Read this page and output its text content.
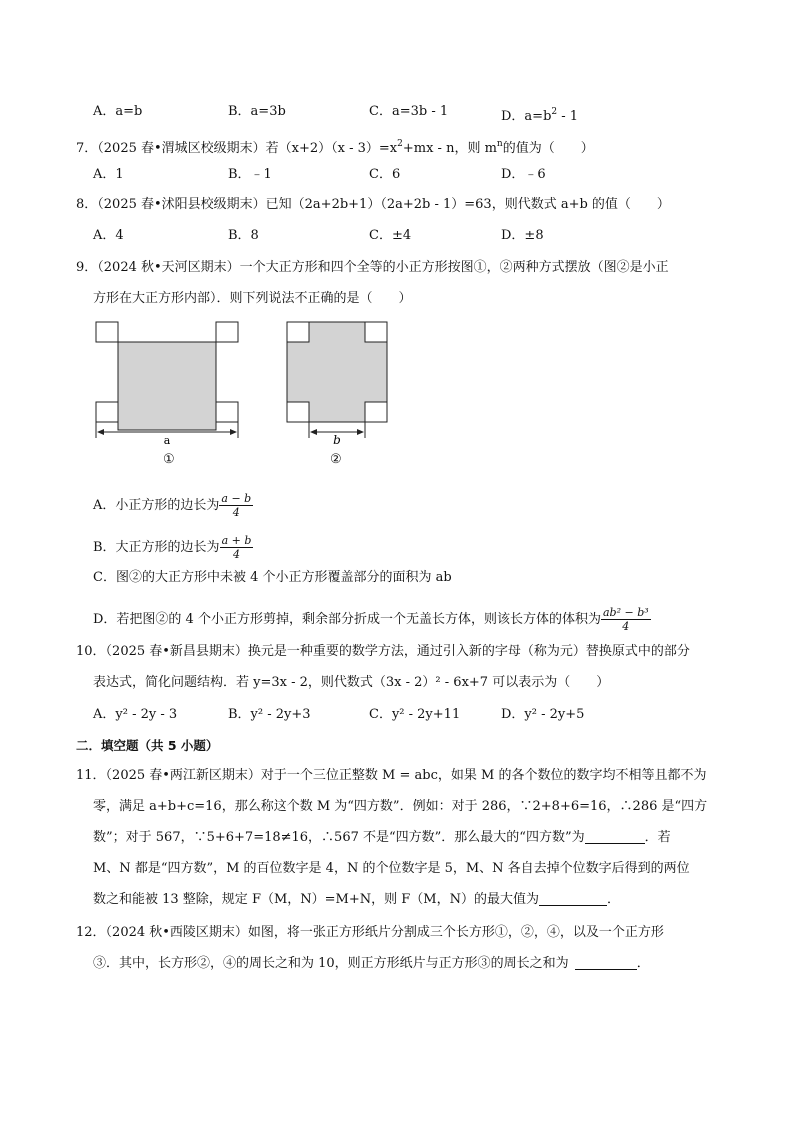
A．a=b	B．a=3b	C．a=3b - 1	D．$a=b^2 - 1$
7．（2025 春•渭城区校级期末）若$(x+2)(x - 3)=x^2+mx - n$，则 $m^n$的值为（　　）
A．1	B．﹣1	C．6	D．﹣6
8．（2025 春•沭阳县校级期末）已知（2a+2b+1）（2a+2b - 1）=63，则代数式 a+b 的值（　　）
A．4	B．8	C．±4	D．±8
9．（2024 秋•天河区期末）一个大正方形和四个全等的小正方形按图①，②两种方式摆放（图②是小正
方形在大正方形内部）．则下列说法不正确的是（　　）
a
①
b
②
A．小正方形的边长为 $\frac{a - b}{4}$
B．大正方形的边长为 $\frac{a + b}{4}$
C．图②的大正方形中未被 4 个小正方形覆盖部分的面积为 ab
D．若把图②的 4 个小正方形剪掉，剩余部分折成一个无盖长方体，则该长方体的体积为 $\frac{\text{ab² − b³}}{4}$
10．（2025 春•新昌县期末）换元是一种重要的数学方法，通过引入新的字母（称为元）替换原式中的部分
表达式，简化问题结构．若 y=3x - 2，则代数式（3x - 2）² - 6x+7 可以表示为（　　）
A．y² - 2y - 3	B．y² - 2y+3	C．y² - 2y+11	D．y² - 2y+5
二．填空题（共 5 小题）
11．（2025 春•两江新区期末）对于一个三位正整数 M = abc，如果 M 的各个数位的数字均不相等且都不为
零，满足 a+b+c=16，那么称这个数 M 为“四方数”．例如：对于 286，∵2+8+6=16，∴286 是“四方
数”；对于 567，∵5+6+7=18≠16，∴567 不是“四方数”．那么最大的“四方数”为	．若
M、N 都是“四方数”，M 的百位数字是 4，N 的个位数字是 5，M、N 各自去掉个位数字后得到的两位
数之和能被 13 整除，规定 F（M，N）=M+N，则 F（M，N）的最大值为	．
12．（2024 秋•西陵区期末）如图，将一张正方形纸片分割成三个长方形①，②，④，以及一个正方形
③．其中，长方形②，④的周长之和为 10，则正方形纸片与正方形③的周长之和为	．
